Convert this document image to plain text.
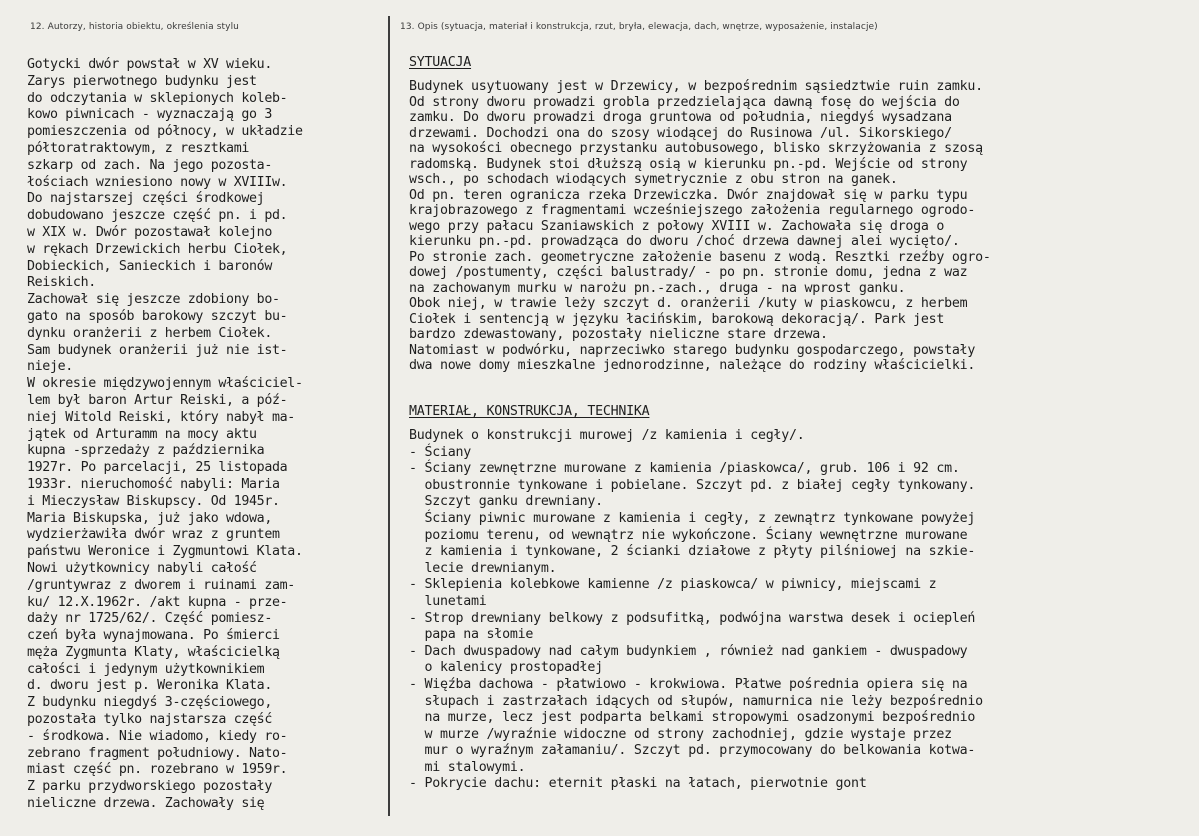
12. Autorzy, historia obiektu, określenia stylu	13. Opis (sytuacja, materiał i konstrukcja, rzut, bryła, elewacja, dach, wnętrze, wyposażenie, instalacje)
Gotycki dwór powstał w XV wieku.
Zarys pierwotnego budynku jest
do odczytania w sklepionych koleb-
kowo piwnicach - wyznaczają go 3
pomieszczenia od północy, w układzie
półtoratraktowym, z resztkami
szkarp od zach. Na jego pozosta-
łościach wzniesiono nowy w XVIIIw.
Do najstarszej części środkowej
dobudowano jeszcze część pn. i pd.
w XIX w. Dwór pozostawał kolejno
w rękach Drzewickich herbu Ciołek,
Dobieckich, Sanieckich i baronów
Reiskich.
Zachował się jeszcze zdobiony bo-
gato na sposób barokowy szczyt bu-
dynku oranżerii z herbem Ciołek.
Sam budynek oranżerii już nie ist-
nieje.
W okresie międzywojennym właściciel-
lem był baron Artur Reiski, a póź-
niej Witold Reiski, który nabył ma-
jątek od Arturamm na mocy aktu
kupna -sprzedaży z października
1927r. Po parcelacji, 25 listopada
1933r. nieruchomość nabyli: Maria
i Mieczysław Biskupscy. Od 1945r.
Maria Biskupska, już jako wdowa,
wydzierżawiła dwór wraz z gruntem
państwu Weronice i Zygmuntowi Klata.
Nowi użytkownicy nabyli całość
/gruntywraz z dworem i ruinami zam-
ku/ 12.X.1962r. /akt kupna - prze-
daży nr 1725/62/. Część pomiesz-
czeń była wynajmowana. Po śmierci
męża Zygmunta Klaty, właścicielką
całości i jedynym użytkownikiem
d. dworu jest p. Weronika Klata.
Z budynku niegdyś 3-częściowego,
pozostała tylko najstarsza część
- środkowa. Nie wiadomo, kiedy ro-
zebrano fragment południowy. Nato-
miast część pn. rozebrano w 1959r.
Z parku przydworskiego pozostały
nieliczne drzewa. Zachowały się
SYTUACJA
Budynek usytuowany jest w Drzewicy, w bezpośrednim sąsiedztwie ruin zamku.
Od strony dworu prowadzi grobla przedzielająca dawną fosę do wejścia do
zamku. Do dworu prowadzi droga gruntowa od południa, niegdyś wysadzana
drzewami. Dochodzi ona do szosy wiodącej do Rusinowa /ul. Sikorskiego/
na wysokości obecnego przystanku autobusowego, blisko skrzyżowania z szosą
radomską. Budynek stoi dłuższą osią w kierunku pn.-pd. Wejście od strony
wsch., po schodach wiodących symetrycznie z obu stron na ganek.
Od pn. teren ogranicza rzeka Drzewiczka. Dwór znajdował się w parku typu
krajobrazowego z fragmentami wcześniejszego założenia regularnego ogrodo-
wego przy pałacu Szaniawskich z połowy XVIII w. Zachowała się droga o
kierunku pn.-pd. prowadząca do dworu /choć drzewa dawnej alei wycięto/.
Po stronie zach. geometryczne założenie basenu z wodą. Resztki rzeźby ogro-
dowej /postumenty, części balustrady/ - po pn. stronie domu, jedna z waz
na zachowanym murku w narożu pn.-zach., druga - na wprost ganku.
Obok niej, w trawie leży szczyt d. oranżerii /kuty w piaskowcu, z herbem
Ciołek i sentencją w języku łacińskim, barokową dekoracją/. Park jest
bardzo zdewastowany, pozostały nieliczne stare drzewa.
Natomiast w podwórku, naprzeciwko starego budynku gospodarczego, powstały
dwa nowe domy mieszkalne jednorodzinne, należące do rodziny właścicielki.
MATERIAŁ, KONSTRUKCJA, TECHNIKA
Budynek o konstrukcji murowej /z kamienia i cegły/.
- Ściany
- Ściany zewnętrzne murowane z kamienia /piaskowca/, grub. 106 i 92 cm.
obustronnie tynkowane i pobielane. Szczyt pd. z białej cegły tynkowany.
Szczyt ganku drewniany.
Ściany piwnic murowane z kamienia i cegły, z zewnątrz tynkowane powyżej
poziomu terenu, od wewnątrz nie wykończone. Ściany wewnętrzne murowane
z kamienia i tynkowane, 2 ścianki działowe z płyty pilśniowej na szkie-
lecie drewnianym.
- Sklepienia kolebkowe kamienne /z piaskowca/ w piwnicy, miejscami z
lunetami
- Strop drewniany belkowy z podsufitką, podwójna warstwa desek i ociepleń
papa na słomie
- Dach dwuspadowy nad całym budynkiem , również nad gankiem - dwuspadowy
o kalenicy prostopadłej
- Więźba dachowa - płatwiowo - krokwiowa. Płatwe pośrednia opiera się na
słupach i zastrzałach idących od słupów, namurnica nie leży bezpośrednio
na murze, lecz jest podparta belkami stropowymi osadzonymi bezpośrednio
w murze /wyraźnie widoczne od strony zachodniej, gdzie wystaje przez
mur o wyraźnym załamaniu/. Szczyt pd. przymocowany do belkowania kotwa-
mi stalowymi.
- Pokrycie dachu: eternit płaski na łatach, pierwotnie gont
